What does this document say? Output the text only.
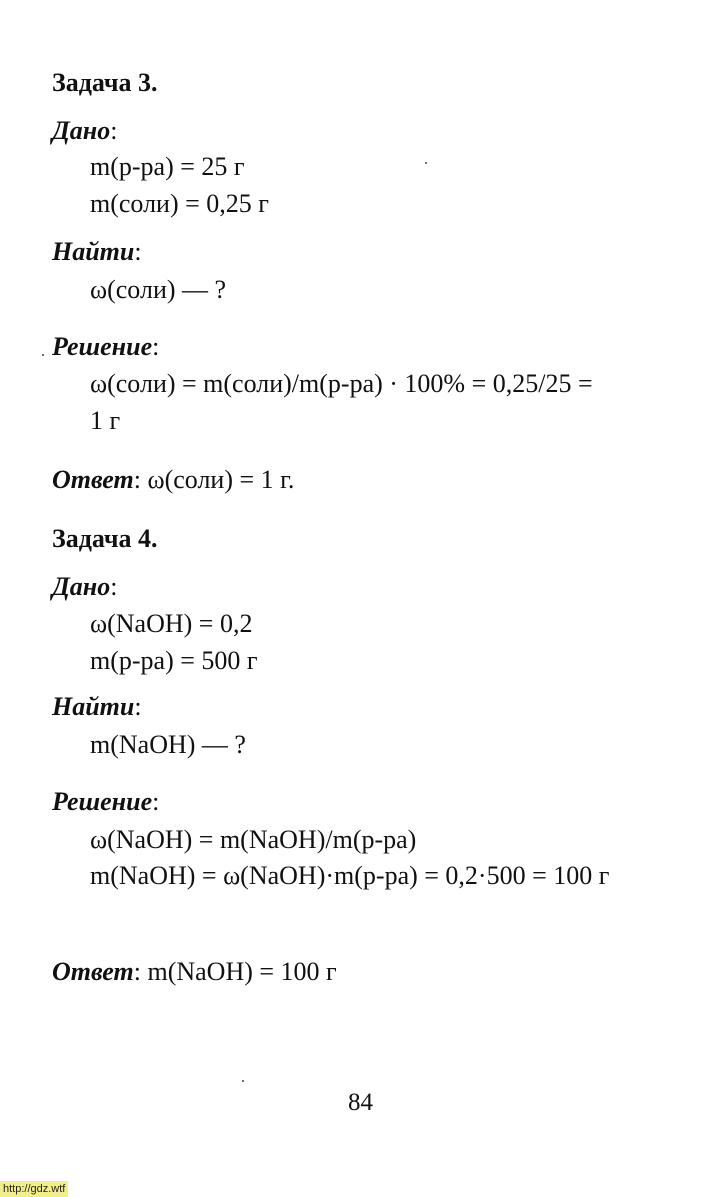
Задача 3.
Дано:
m(р-ра) = 25 г
m(соли) = 0,25 г
Найти:
ω(соли) — ?
Решение:
ω(соли) = m(соли)/m(р-ра) · 100% = 0,25/25 =
1 г
Ответ: ω(соли) = 1 г.
Задача 4.
Дано:
ω(NaOH) = 0,2
m(р-ра) = 500 г
Найти:
m(NaOH) — ?
Решение:
ω(NaOH) = m(NaOH)/m(р-ра)
m(NaOH) = ω(NaOH)·m(р-ра) = 0,2·500 = 100 г
Ответ: m(NaOH) = 100 г
84
http://gdz.wtf
